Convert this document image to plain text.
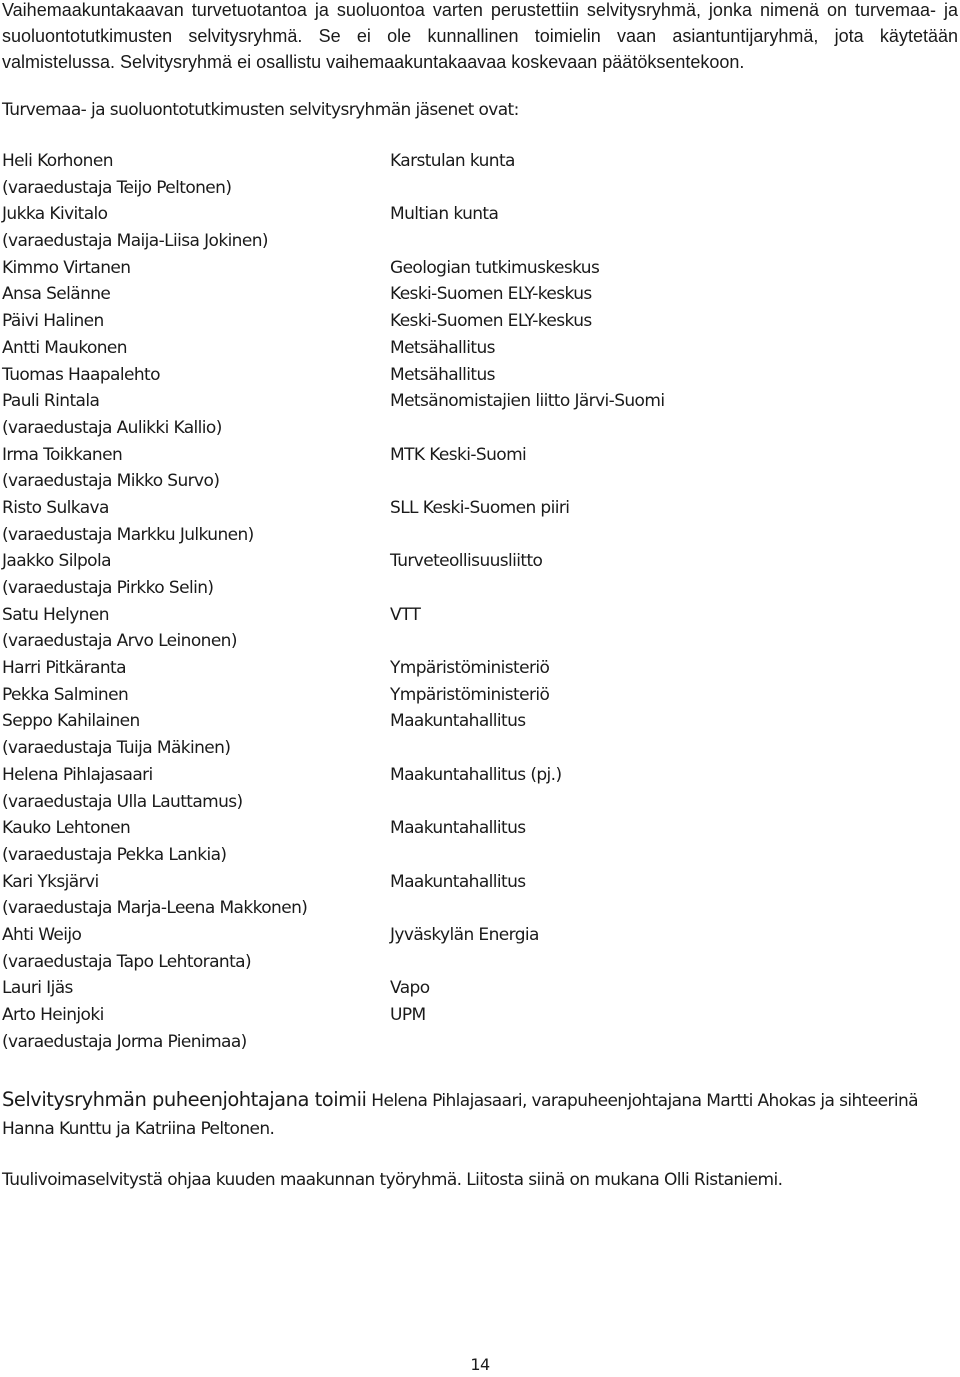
Vaihemaakuntakaavan turvetuotantoa ja suoluontoa varten perustettiin selvitysryhmä, jonka nimenä on turvemaa- ja suoluontotutkimusten selvitysryhmä. Se ei ole kunnallinen toimielin vaan asiantuntijaryhmä, jota käytetään valmistelussa. Selvitysryhmä ei osallistu vaihemaakuntakaavaa koskevaan päätöksentekoon.

Turvemaa- ja suoluontotutkimusten selvitysryhmän jäsenet ovat:

Heli Korhonen	Karstulan kunta
(varaedustaja Teijo Peltonen)
Jukka Kivitalo	Multian kunta
(varaedustaja Maija-Liisa Jokinen)
Kimmo Virtanen	Geologian tutkimuskeskus
Ansa Selänne	Keski-Suomen ELY-keskus
Päivi Halinen	Keski-Suomen ELY-keskus
Antti Maukonen	Metsähallitus
Tuomas Haapalehto	Metsähallitus
Pauli Rintala	Metsänomistajien liitto Järvi-Suomi
(varaedustaja Aulikki Kallio)
Irma Toikkanen	MTK Keski-Suomi
(varaedustaja Mikko Survo)
Risto Sulkava	SLL Keski-Suomen piiri
(varaedustaja Markku Julkunen)
Jaakko Silpola	Turveteollisuusliitto
(varaedustaja Pirkko Selin)
Satu Helynen	VTT
(varaedustaja Arvo Leinonen)
Harri Pitkäranta	Ympäristöministeriö
Pekka Salminen	Ympäristöministeriö
Seppo Kahilainen	Maakuntahallitus
(varaedustaja Tuija Mäkinen)
Helena Pihlajasaari	Maakuntahallitus (pj.)
(varaedustaja Ulla Lauttamus)
Kauko Lehtonen	Maakuntahallitus
(varaedustaja Pekka Lankia)
Kari Yksjärvi	Maakuntahallitus
(varaedustaja Marja-Leena Makkonen)
Ahti Weijo	Jyväskylän Energia
(varaedustaja Tapo Lehtoranta)
Lauri Ijäs	Vapo
Arto Heinjoki	UPM
(varaedustaja Jorma Pienimaa)

Selvitysryhmän puheenjohtajana toimii Helena Pihlajasaari, varapuheenjohtajana Martti Ahokas ja sihteerinä Hanna Kunttu ja Katriina Peltonen.

Tuulivoimaselvitystä ohjaa kuuden maakunnan työryhmä. Liitosta siinä on mukana Olli Ristaniemi.

14
